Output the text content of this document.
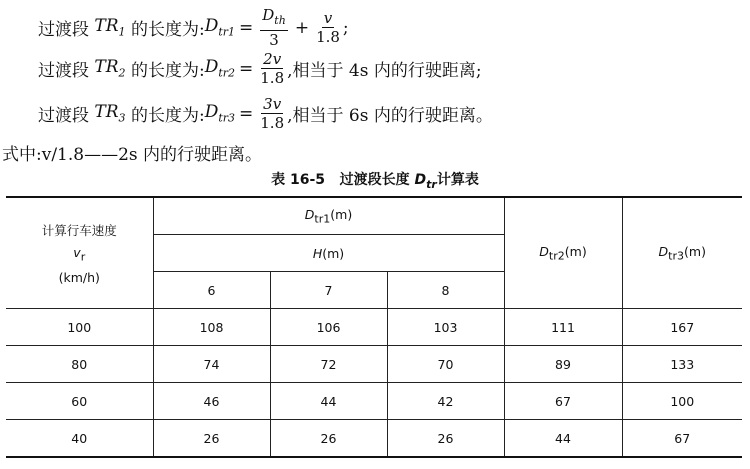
过渡段
$TR_1$
的长度为: $D_{tr1} = \frac{D_{th}}{3} + \frac{v}{1.8}$ ;
过渡段
$TR_2$
的长度为: $D_{tr2} = \frac{2v}{1.8}$ ,相当于 4s 内的行驶距离;
过渡段
$TR_3$
的长度为: $D_{tr3} = \frac{3v}{1.8}$ ,相当于 6s 内的行驶距离。
式中:v/1.8——2s 内的行驶距离。
表 16-5 过渡段长度 $D_{tr}$计算表
计算行车速度
$v_r$
(km/h)	$D_{tr1}(m)$			$D_{tr2}(m)$	$D_{tr3}(m)$
	H(m)				
	6	7	8		
100	108	106	103	111	167
80	74	72	70	89	133
60	46	44	42	67	100
40	26	26	26	44	67
